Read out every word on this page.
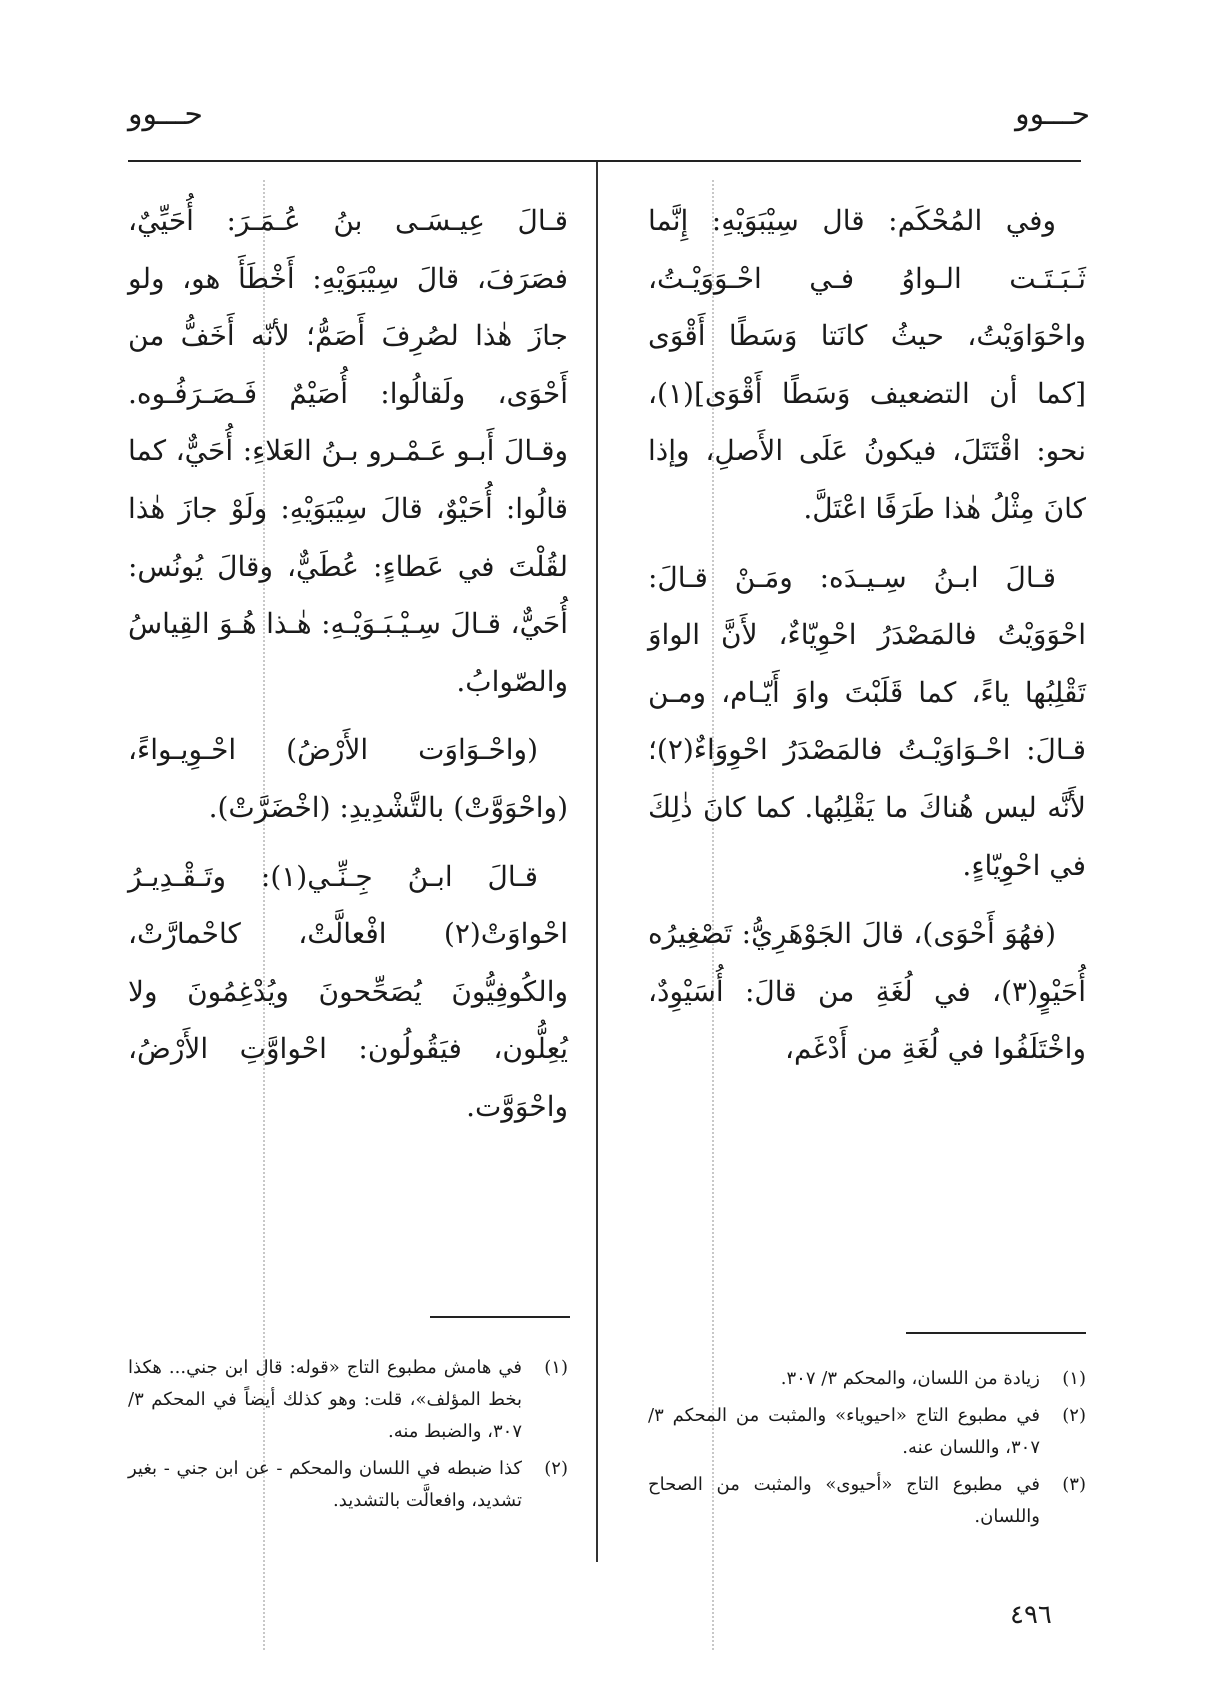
حـــوو
حـــوو

وفي المُحْكَم: قال سِيْبَوَيْهِ: إِنَّما ثَـبَـتَـت الـواوُ فـي احْـوَوَيْـتُ، واحْوَاوَيْتُ، حيثُ كانَتا وَسَطًا أَقْوَى [كما أن التضعيف وَسَطًا أَقْوَى](١)، نحو: اقْتَتَلَ، فيكونُ عَلَى الأَصلِ، وإذا كانَ مِثْلُ هٰذا طَرَفًا اعْتَلَّ.

قـالَ ابـنُ سِـيـدَه: ومَـنْ قـالَ: احْوَوَيْتُ فالمَصْدَرُ احْوِيّاءٌ، لأَنَّ الواوَ تَقْلِبُها ياءً، كما قَلَبْتَ واوَ أَيّـام، ومـن قـالَ: احْـوَاوَيْـتُ فالمَصْدَرُ احْوِوَاءٌ(٢)؛ لأَنَّه ليس هُناكَ ما يَقْلِبُها. كما كانَ ذٰلِكَ في احْوِيّاءٍ.

(فهُوَ أَحْوَى)، قالَ الجَوْهَرِيُّ: تَصْغِيرُه أُحَيْوٍ(٣)، في لُغَةِ من قالَ: أُسَيْوِدٌ، واخْتَلَفُوا في لُغَةِ من أَدْغَم،

قـالَ عِيـسَـى بنُ عُـمَـرَ: أُحَيِّيٌ، فصَرَفَ، قالَ سِيْبَوَيْهِ: أَخْطَأَ هو، ولو جازَ هٰذا لصُرِفَ أَصَمُّ؛ لأنّه أَخَفُّ من أَحْوَى، ولَقالُوا: أُصَيْمٌ فَـصَـرَفُـوه. وقـالَ أَبـو عَـمْـرو بـنُ العَلاءِ: أُحَيٌّ، كما قالُوا: أُحَيْوٌ، قالَ سِيْبَوَيْهِ: ولَوْ جازَ هٰذا لقُلْتَ في عَطاءٍ: عُطَيٌّ، وقالَ يُونُس: أُحَيٌّ، قـالَ سِـيْـبَـوَيْـهِ: هٰـذا هُـوَ القِياسُ والصّوابُ.

(واحْـوَاوَت الأَرْضُ) احْـوِيـواءً، (واحْوَوَّتْ) بالتَّشْدِيدِ: (اخْضَرَّتْ).

قـالَ ابـنُ جِـنِّـي(١): وتَـقْـدِيـرُ احْواوَتْ(٢) افْعالَّتْ، كاحْمارَّتْ، والكُوفِيُّونَ يُصَحِّحونَ ويُدْغِمُونَ ولا يُعِلُّون، فيَقُولُون: احْواوَّتِ الأَرْضُ، واحْوَوَّت.

(١)
زيادة من اللسان، والمحكم ٣/ ٣٠٧.

(٢)
في مطبوع التاج «احيوياء» والمثبت من المحكم ٣/ ٣٠٧، واللسان عنه.

(٣)
في مطبوع التاج «أحيوى» والمثبت من الصحاح واللسان.

(١)
في هامش مطبوع التاج «قوله: قال ابن جني... هكذا بخط المؤلف»، قلت: وهو كذلك أيضاً في المحكم ٣/ ٣٠٧، والضبط منه.

(٢)
كذا ضبطه في اللسان والمحكم - عن ابن جني - بغير تشديد، وافعالَّت بالتشديد.

٤٩٦
